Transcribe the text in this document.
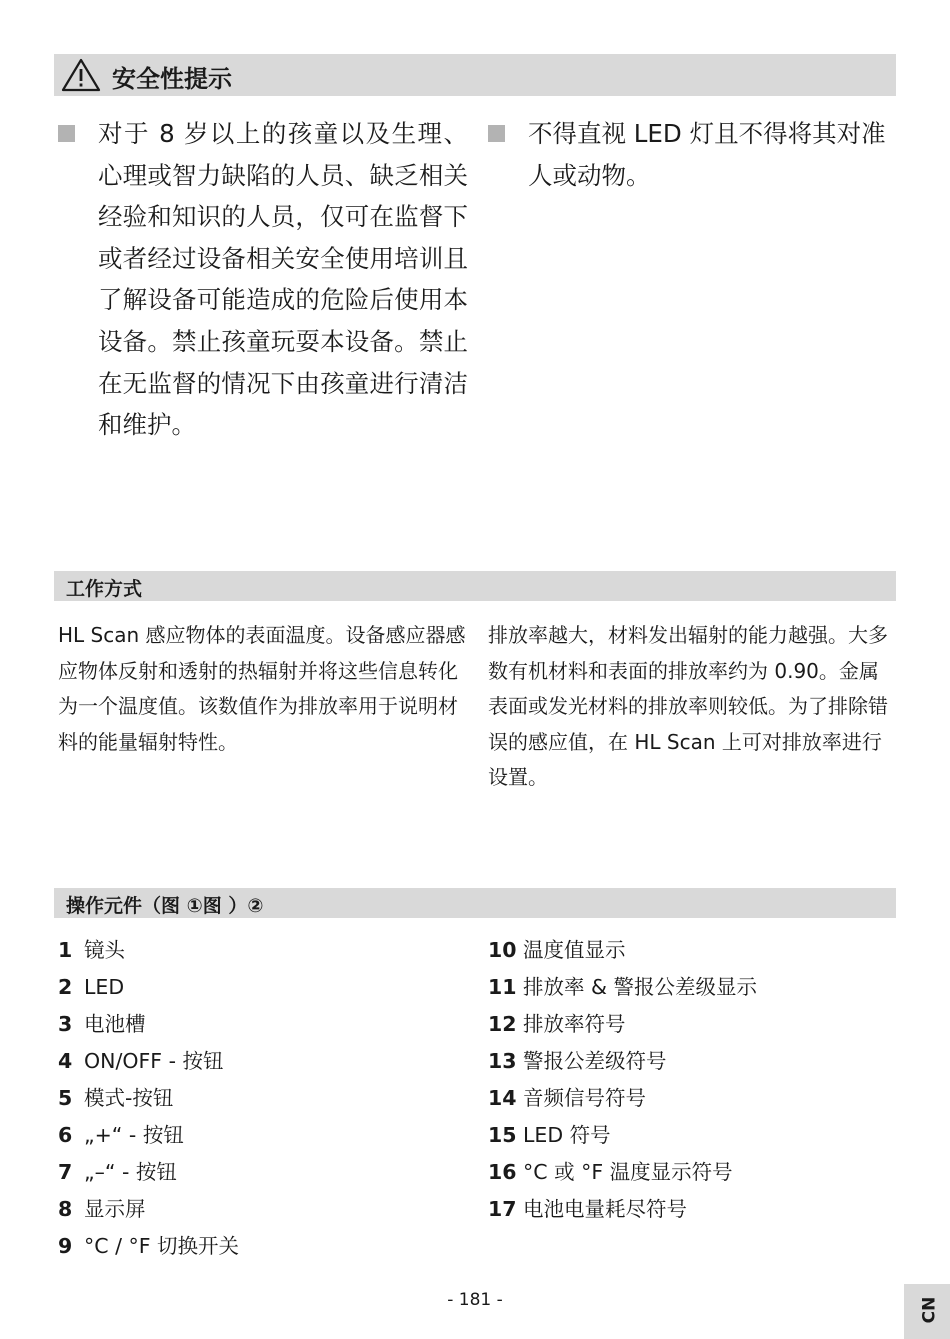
安全性提示
对于 8 岁以上的孩童以及生理、心理或智力缺陷的人员、缺乏相关经验和知识的人员，仅可在监督下或者经过设备相关安全使用培训且了解设备可能造成的危险后使用本设备。禁止孩童玩耍本设备。禁止在无监督的情况下由孩童进行清洁和维护。
不得直视 LED 灯且不得将其对准人或动物。
工作方式
HL Scan 感应物体的表面温度。设备感应器感应物体反射和透射的热辐射并将这些信息转化为一个温度值。该数值作为排放率用于说明材料的能量辐射特性。
排放率越大，材料发出辐射的能力越强。大多数有机材料和表面的排放率约为 0.90。金属表面或发光材料的排放率则较低。为了排除错误的感应值，在 HL Scan 上可对排放率进行设置。
操作元件（图 ①图 ）②
1 镜头
2 LED
3 电池槽
4 ON/OFF - 按钮
5 模式-按钮
6 „+“ - 按钮
7 „–“ - 按钮
8 显示屏
9 °C / °F 切换开关
10 温度值显示
11 排放率 & 警报公差级显示
12 排放率符号
13 警报公差级符号
14 音频信号符号
15 LED 符号
16 °C 或 °F 温度显示符号
17 电池电量耗尽符号
- 181 -	CN
